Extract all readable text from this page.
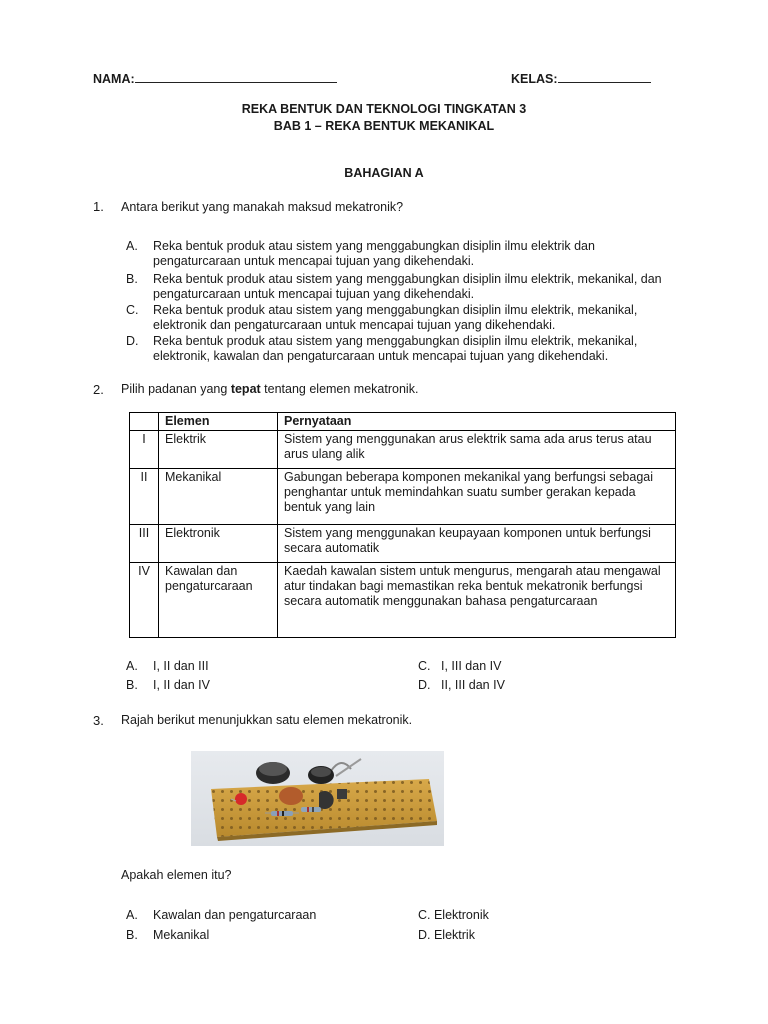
NAMA:	KELAS:
REKA BENTUK DAN TEKNOLOGI TINGKATAN 3
BAB 1 – REKA BENTUK MEKANIKAL
BAHAGIAN A
1. Antara berikut yang manakah maksud mekatronik?
A. Reka bentuk produk atau sistem yang menggabungkan disiplin ilmu elektrik dan
pengaturcaraan untuk mencapai tujuan yang dikehendaki.
B. Reka bentuk produk atau sistem yang menggabungkan disiplin ilmu elektrik, mekanikal, dan
pengaturcaraan untuk mencapai tujuan yang dikehendaki.
C. Reka bentuk produk atau sistem yang menggabungkan disiplin ilmu elektrik, mekanikal,
elektronik dan pengaturcaraan untuk mencapai tujuan yang dikehendaki.
D. Reka bentuk produk atau sistem yang menggabungkan disiplin ilmu elektrik, mekanikal,
elektronik, kawalan dan pengaturcaraan untuk mencapai tujuan yang dikehendaki.
2. Pilih padanan yang tepat tentang elemen mekatronik.
	Elemen	Pernyataan
I	Elektrik	Sistem yang menggunakan arus elektrik sama ada arus terus atau arus ulang alik
II	Mekanikal	Gabungan beberapa komponen mekanikal yang berfungsi sebagai penghantar untuk memindahkan suatu sumber gerakan kepada bentuk yang lain
III	Elektronik	Sistem yang menggunakan keupayaan komponen untuk berfungsi secara automatik
IV	Kawalan dan pengaturcaraan	Kaedah kawalan sistem untuk mengurus, mengarah atau mengawal atur tindakan bagi memastikan reka bentuk mekatronik berfungsi secara automatik menggunakan bahasa pengaturcaraan
A. I, II dan III
B. I, II dan IV
C. I, III dan IV
D. II, III dan IV
3. Rajah berikut menunjukkan satu elemen mekatronik.
Apakah elemen itu?
A. Kawalan dan pengaturcaraan
B. Mekanikal
C. Elektronik
D. Elektrik
